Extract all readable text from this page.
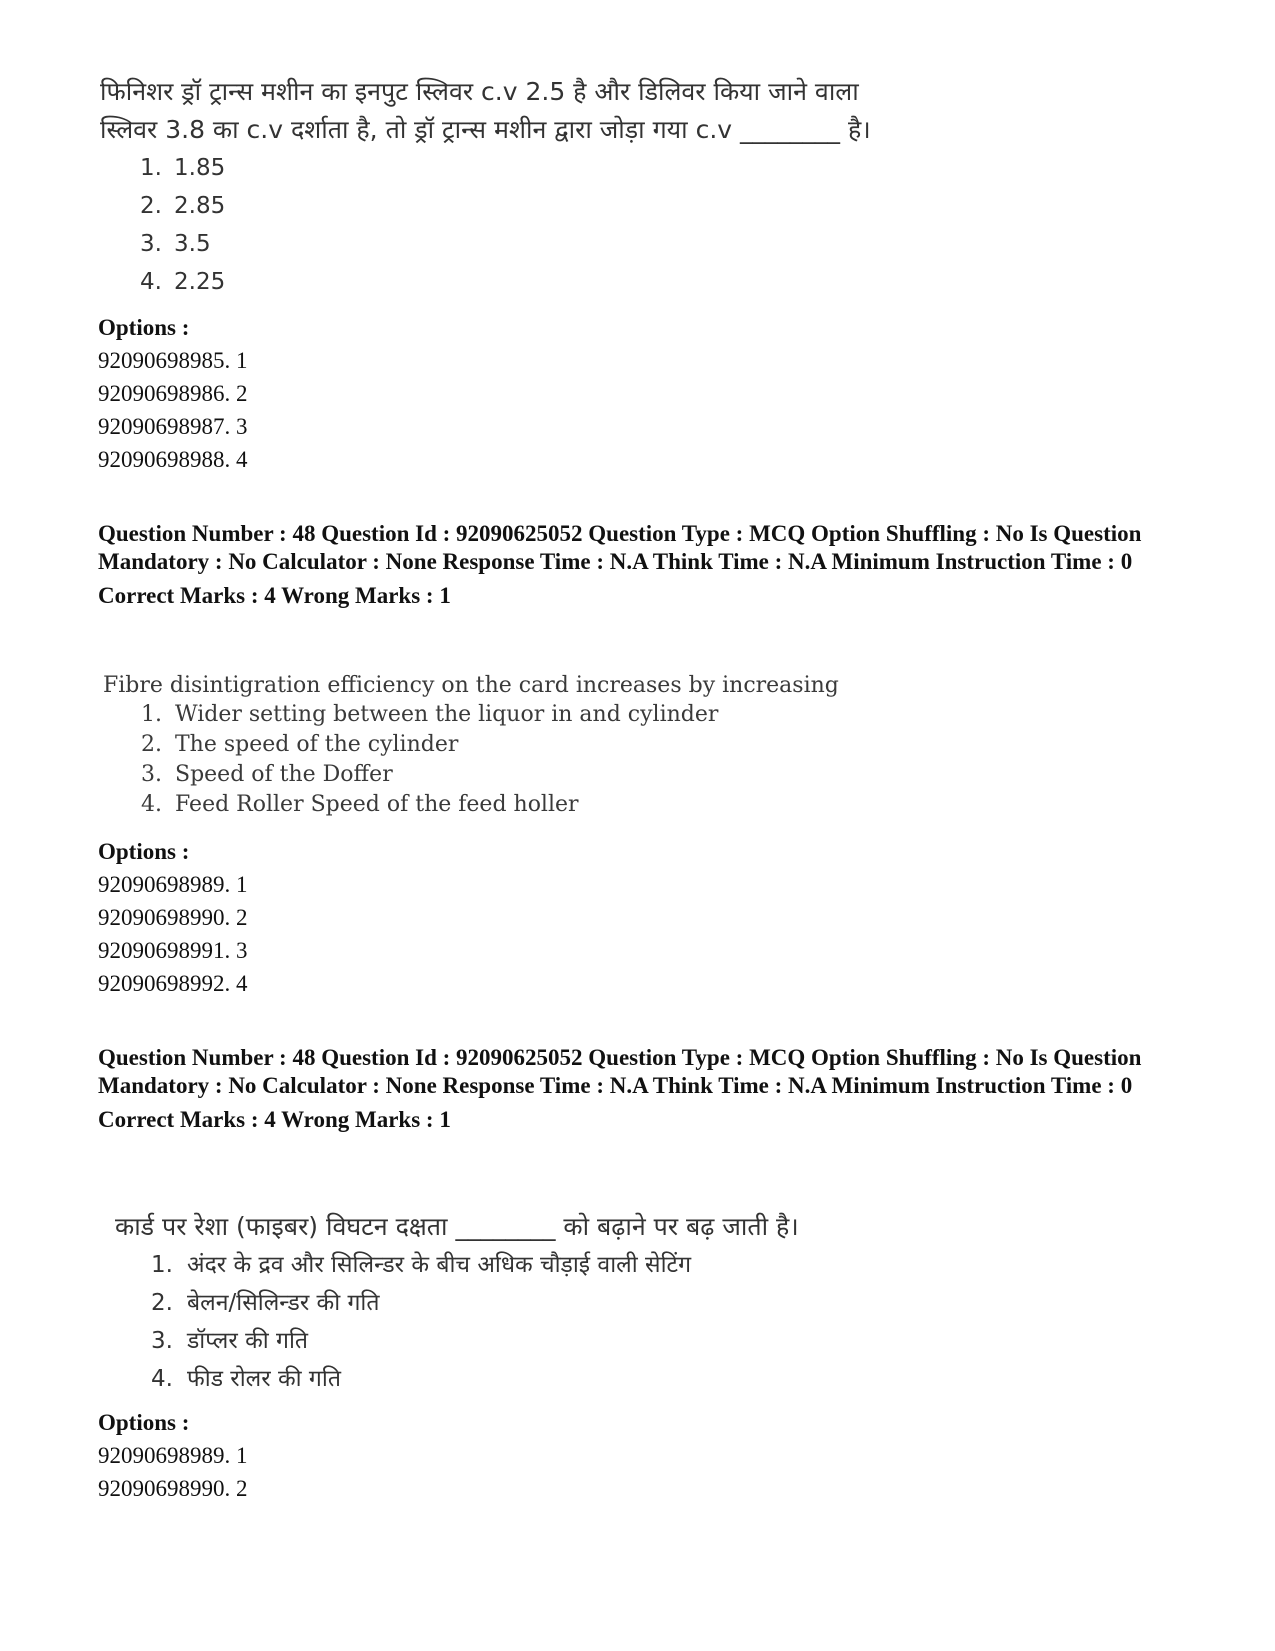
फिनिशर ड्रॉ ट्रान्स मशीन का इनपुट स्लिवर c.v 2.5 है और डिलिवर किया जाने वाला

स्लिवर 3.8 का c.v दर्शाता है, तो ड्रॉ ट्रान्स मशीन द्वारा जोड़ा गया c.v ________ है।

1. 1.85
2. 2.85
3. 3.5
4. 2.25
Options :
92090698985. 1
92090698986. 2
92090698987. 3
92090698988. 4

Question Number : 48 Question Id : 92090625052 Question Type : MCQ Option Shuffling : No Is Question Mandatory : No Calculator : None Response Time : N.A Think Time : N.A Minimum Instruction Time : 0

Correct Marks : 4 Wrong Marks : 1

Fibre disintigration efficiency on the card increases by increasing

1. Wider setting between the liquor in and cylinder
2. The speed of the cylinder
3. Speed of the Doffer
4. Feed Roller Speed of the feed holler
Options :
92090698989. 1
92090698990. 2
92090698991. 3
92090698992. 4

Question Number : 48 Question Id : 92090625052 Question Type : MCQ Option Shuffling : No Is Question Mandatory : No Calculator : None Response Time : N.A Think Time : N.A Minimum Instruction Time : 0

Correct Marks : 4 Wrong Marks : 1

कार्ड पर रेशा (फाइबर) विघटन दक्षता ________ को बढ़ाने पर बढ़ जाती है।

1. अंदर के द्रव और सिलिन्डर के बीच अधिक चौड़ाई वाली सेटिंग
2. बेलन/सिलिन्डर की गति
3. डॉप्लर की गति
4. फीड रोलर की गति
Options :
92090698989. 1
92090698990. 2
